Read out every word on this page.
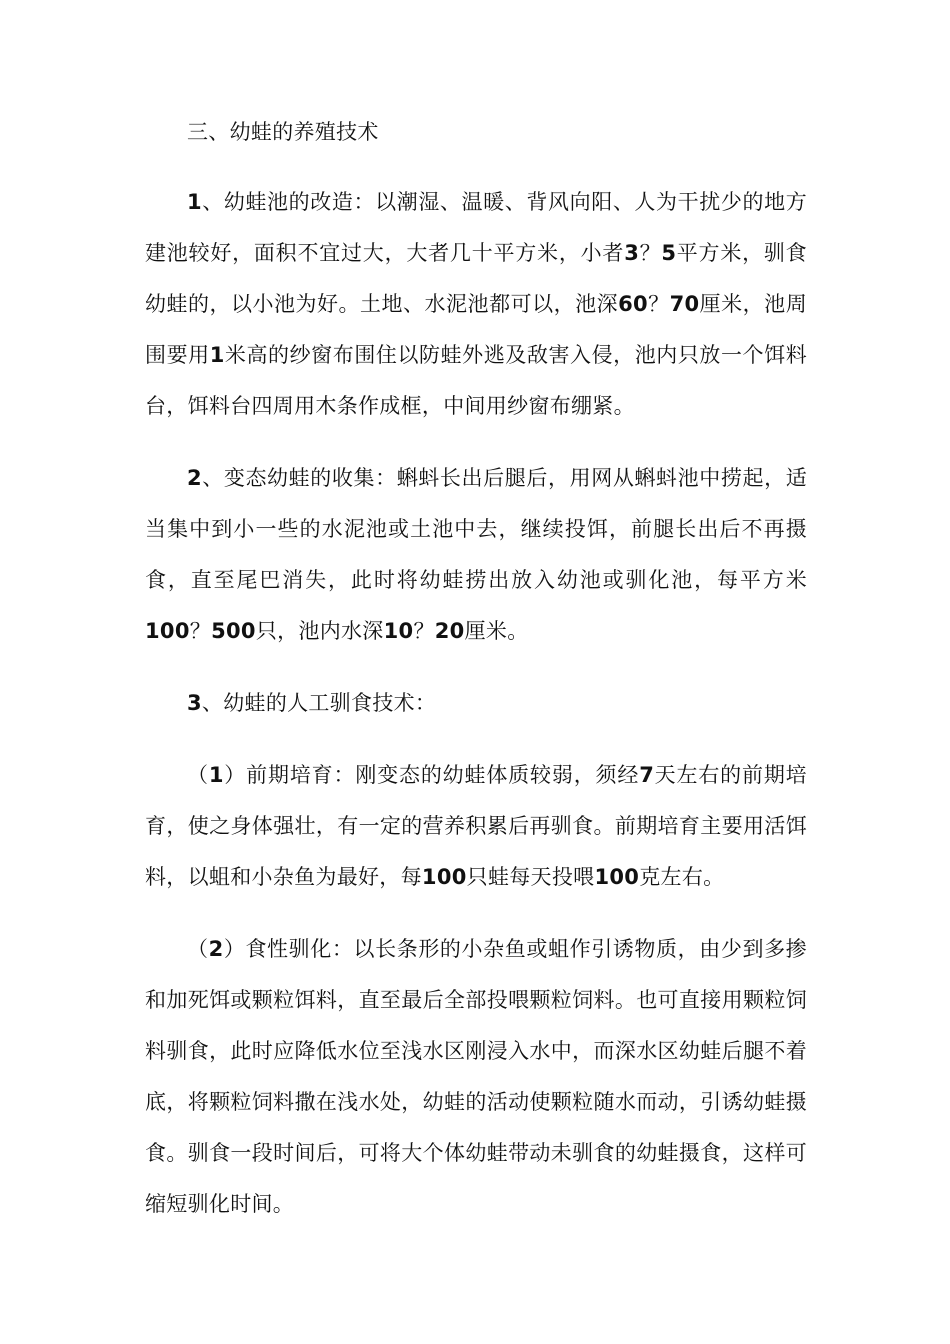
三、幼蛙的养殖技术

1、幼蛙池的改造：以潮湿、温暖、背风向阳、人为干扰少的地方建池较好，面积不宜过大，大者几十平方米，小者3？5平方米，驯食幼蛙的，以小池为好。土地、水泥池都可以，池深60？70厘米，池周围要用1米高的纱窗布围住以防蛙外逃及敌害入侵，池内只放一个饵料台，饵料台四周用木条作成框，中间用纱窗布绷紧。

2、变态幼蛙的收集：蝌蚪长出后腿后，用网从蝌蚪池中捞起，适当集中到小一些的水泥池或土池中去，继续投饵，前腿长出后不再摄食，直至尾巴消失，此时将幼蛙捞出放入幼池或驯化池，每平方米100？500只，池内水深10？20厘米。

3、幼蛙的人工驯食技术：

（1）前期培育：刚变态的幼蛙体质较弱，须经7天左右的前期培育，使之身体强壮，有一定的营养积累后再驯食。前期培育主要用活饵料，以蛆和小杂鱼为最好，每100只蛙每天投喂100克左右。

（2）食性驯化：以长条形的小杂鱼或蛆作引诱物质，由少到多掺和加死饵或颗粒饵料，直至最后全部投喂颗粒饲料。也可直接用颗粒饲料驯食，此时应降低水位至浅水区刚浸入水中，而深水区幼蛙后腿不着底，将颗粒饲料撒在浅水处，幼蛙的活动使颗粒随水而动，引诱幼蛙摄食。驯食一段时间后，可将大个体幼蛙带动未驯食的幼蛙摄食，这样可缩短驯化时间。
